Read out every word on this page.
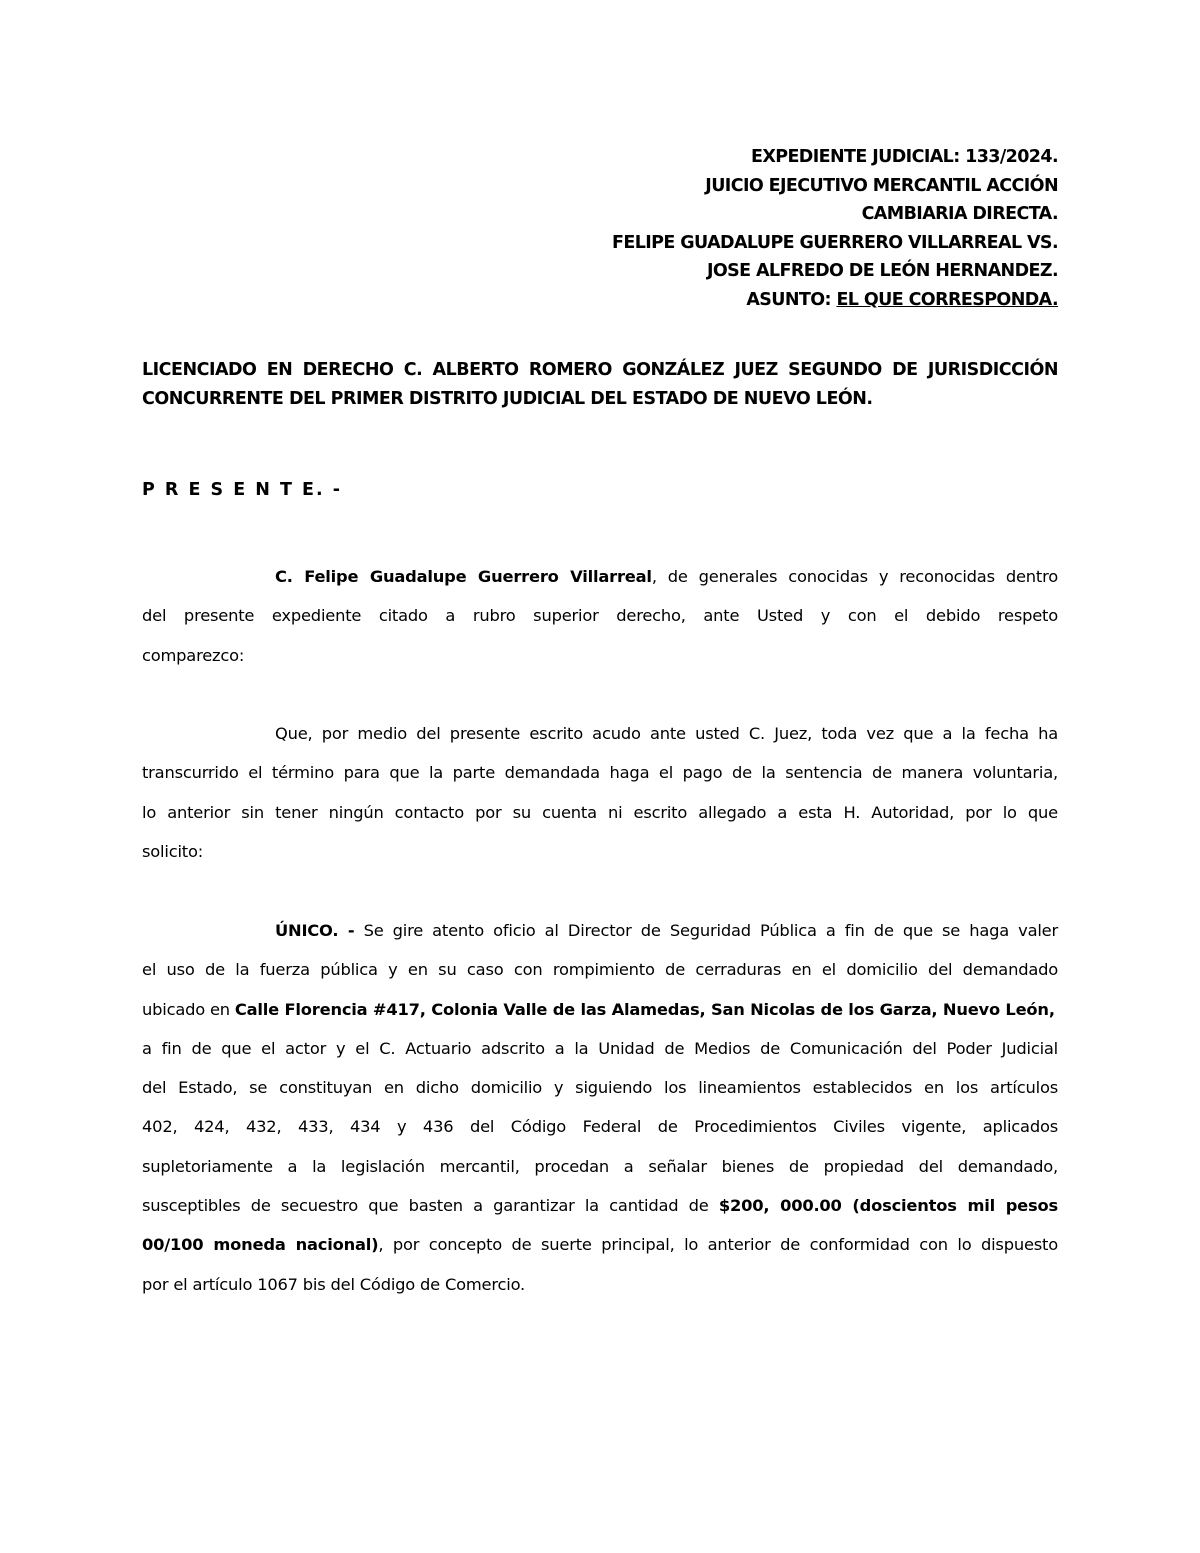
EXPEDIENTE JUDICIAL: 133/2024.
JUICIO EJECUTIVO MERCANTIL ACCIÓN
CAMBIARIA DIRECTA.
FELIPE GUADALUPE GUERRERO VILLARREAL VS.
JOSE ALFREDO DE LEÓN HERNANDEZ.
ASUNTO: EL QUE CORRESPONDA.
LICENCIADO EN DERECHO C. ALBERTO ROMERO GONZÁLEZ JUEZ SEGUNDO DE JURISDICCIÓN
CONCURRENTE DEL PRIMER DISTRITO JUDICIAL DEL ESTADO DE NUEVO LEÓN.
P R E S E N T E. -
C. Felipe Guadalupe Guerrero Villarreal, de generales conocidas y reconocidas dentro
del presente expediente citado a rubro superior derecho, ante Usted y con el debido respeto
comparezco:
Que, por medio del presente escrito acudo ante usted C. Juez, toda vez que a la fecha ha
transcurrido el término para que la parte demandada haga el pago de la sentencia de manera voluntaria,
lo anterior sin tener ningún contacto por su cuenta ni escrito allegado a esta H. Autoridad, por lo que
solicito:
ÚNICO. - Se gire atento oficio al Director de Seguridad Pública a fin de que se haga valer
el uso de la fuerza pública y en su caso con rompimiento de cerraduras en el domicilio del demandado
ubicado en Calle Florencia #417, Colonia Valle de las Alamedas, San Nicolas de los Garza, Nuevo León,
a fin de que el actor y el C. Actuario adscrito a la Unidad de Medios de Comunicación del Poder Judicial
del Estado, se constituyan en dicho domicilio y siguiendo los lineamientos establecidos en los artículos
402, 424, 432, 433, 434 y 436 del Código Federal de Procedimientos Civiles vigente, aplicados
supletoriamente a la legislación mercantil, procedan a señalar bienes de propiedad del demandado,
susceptibles de secuestro que basten a garantizar la cantidad de $200, 000.00 (doscientos mil pesos
00/100 moneda nacional), por concepto de suerte principal, lo anterior de conformidad con lo dispuesto
por el artículo 1067 bis del Código de Comercio.
